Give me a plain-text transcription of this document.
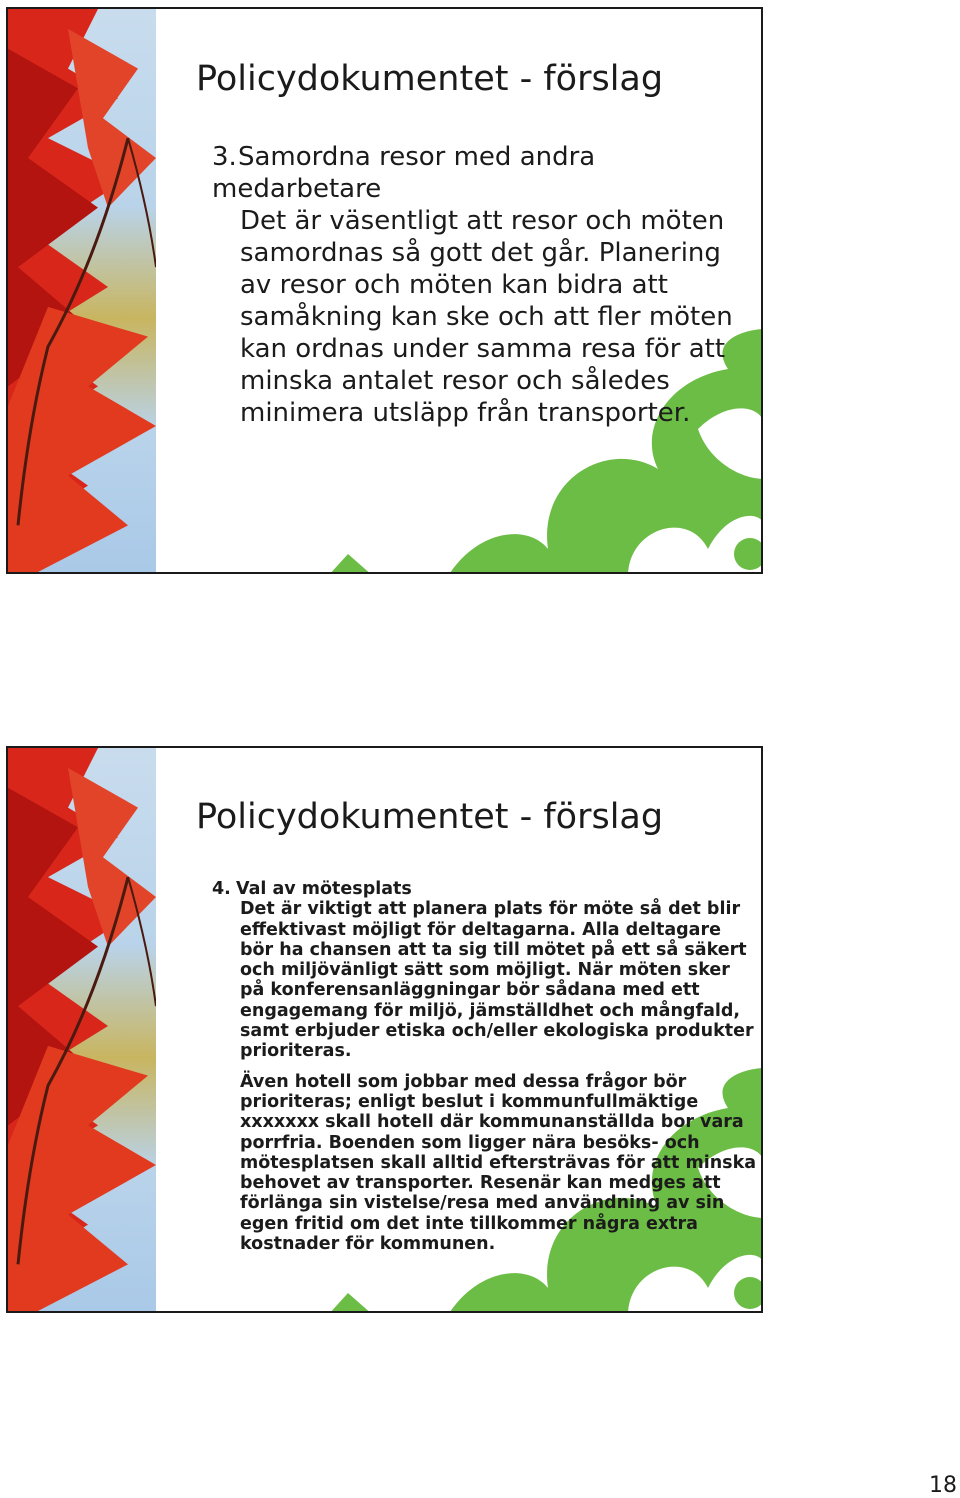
Policydokumentet - förslag
3.Samordna resor med andra medarbetare
Det är väsentligt att resor och möten samordnas så gott det går. Planering av resor och möten kan bidra att samåkning kan ske och att fler möten kan ordnas under samma resa för att minska antalet resor och således minimera utsläpp från transporter.
Policydokumentet - förslag
4. Val av mötesplats
Det är viktigt att planera plats för möte så det blir effektivast möjligt för deltagarna. Alla deltagare bör ha chansen att ta sig till mötet på ett så säkert och miljövänligt sätt som möjligt. När möten sker på konferensanläggningar bör sådana med ett engagemang för miljö, jämställdhet och mångfald, samt erbjuder etiska och/eller ekologiska produkter prioriteras.
Även hotell som jobbar med dessa frågor bör prioriteras; enligt beslut i kommunfullmäktige xxxxxxx skall hotell där kommunanställda bor vara porrfria. Boenden som ligger nära besöks- och mötesplatsen skall alltid eftersträvas för att minska behovet av transporter. Resenär kan medges att förlänga sin vistelse/resa med användning av sin egen fritid om det inte tillkommer några extra kostnader för kommunen.
18
